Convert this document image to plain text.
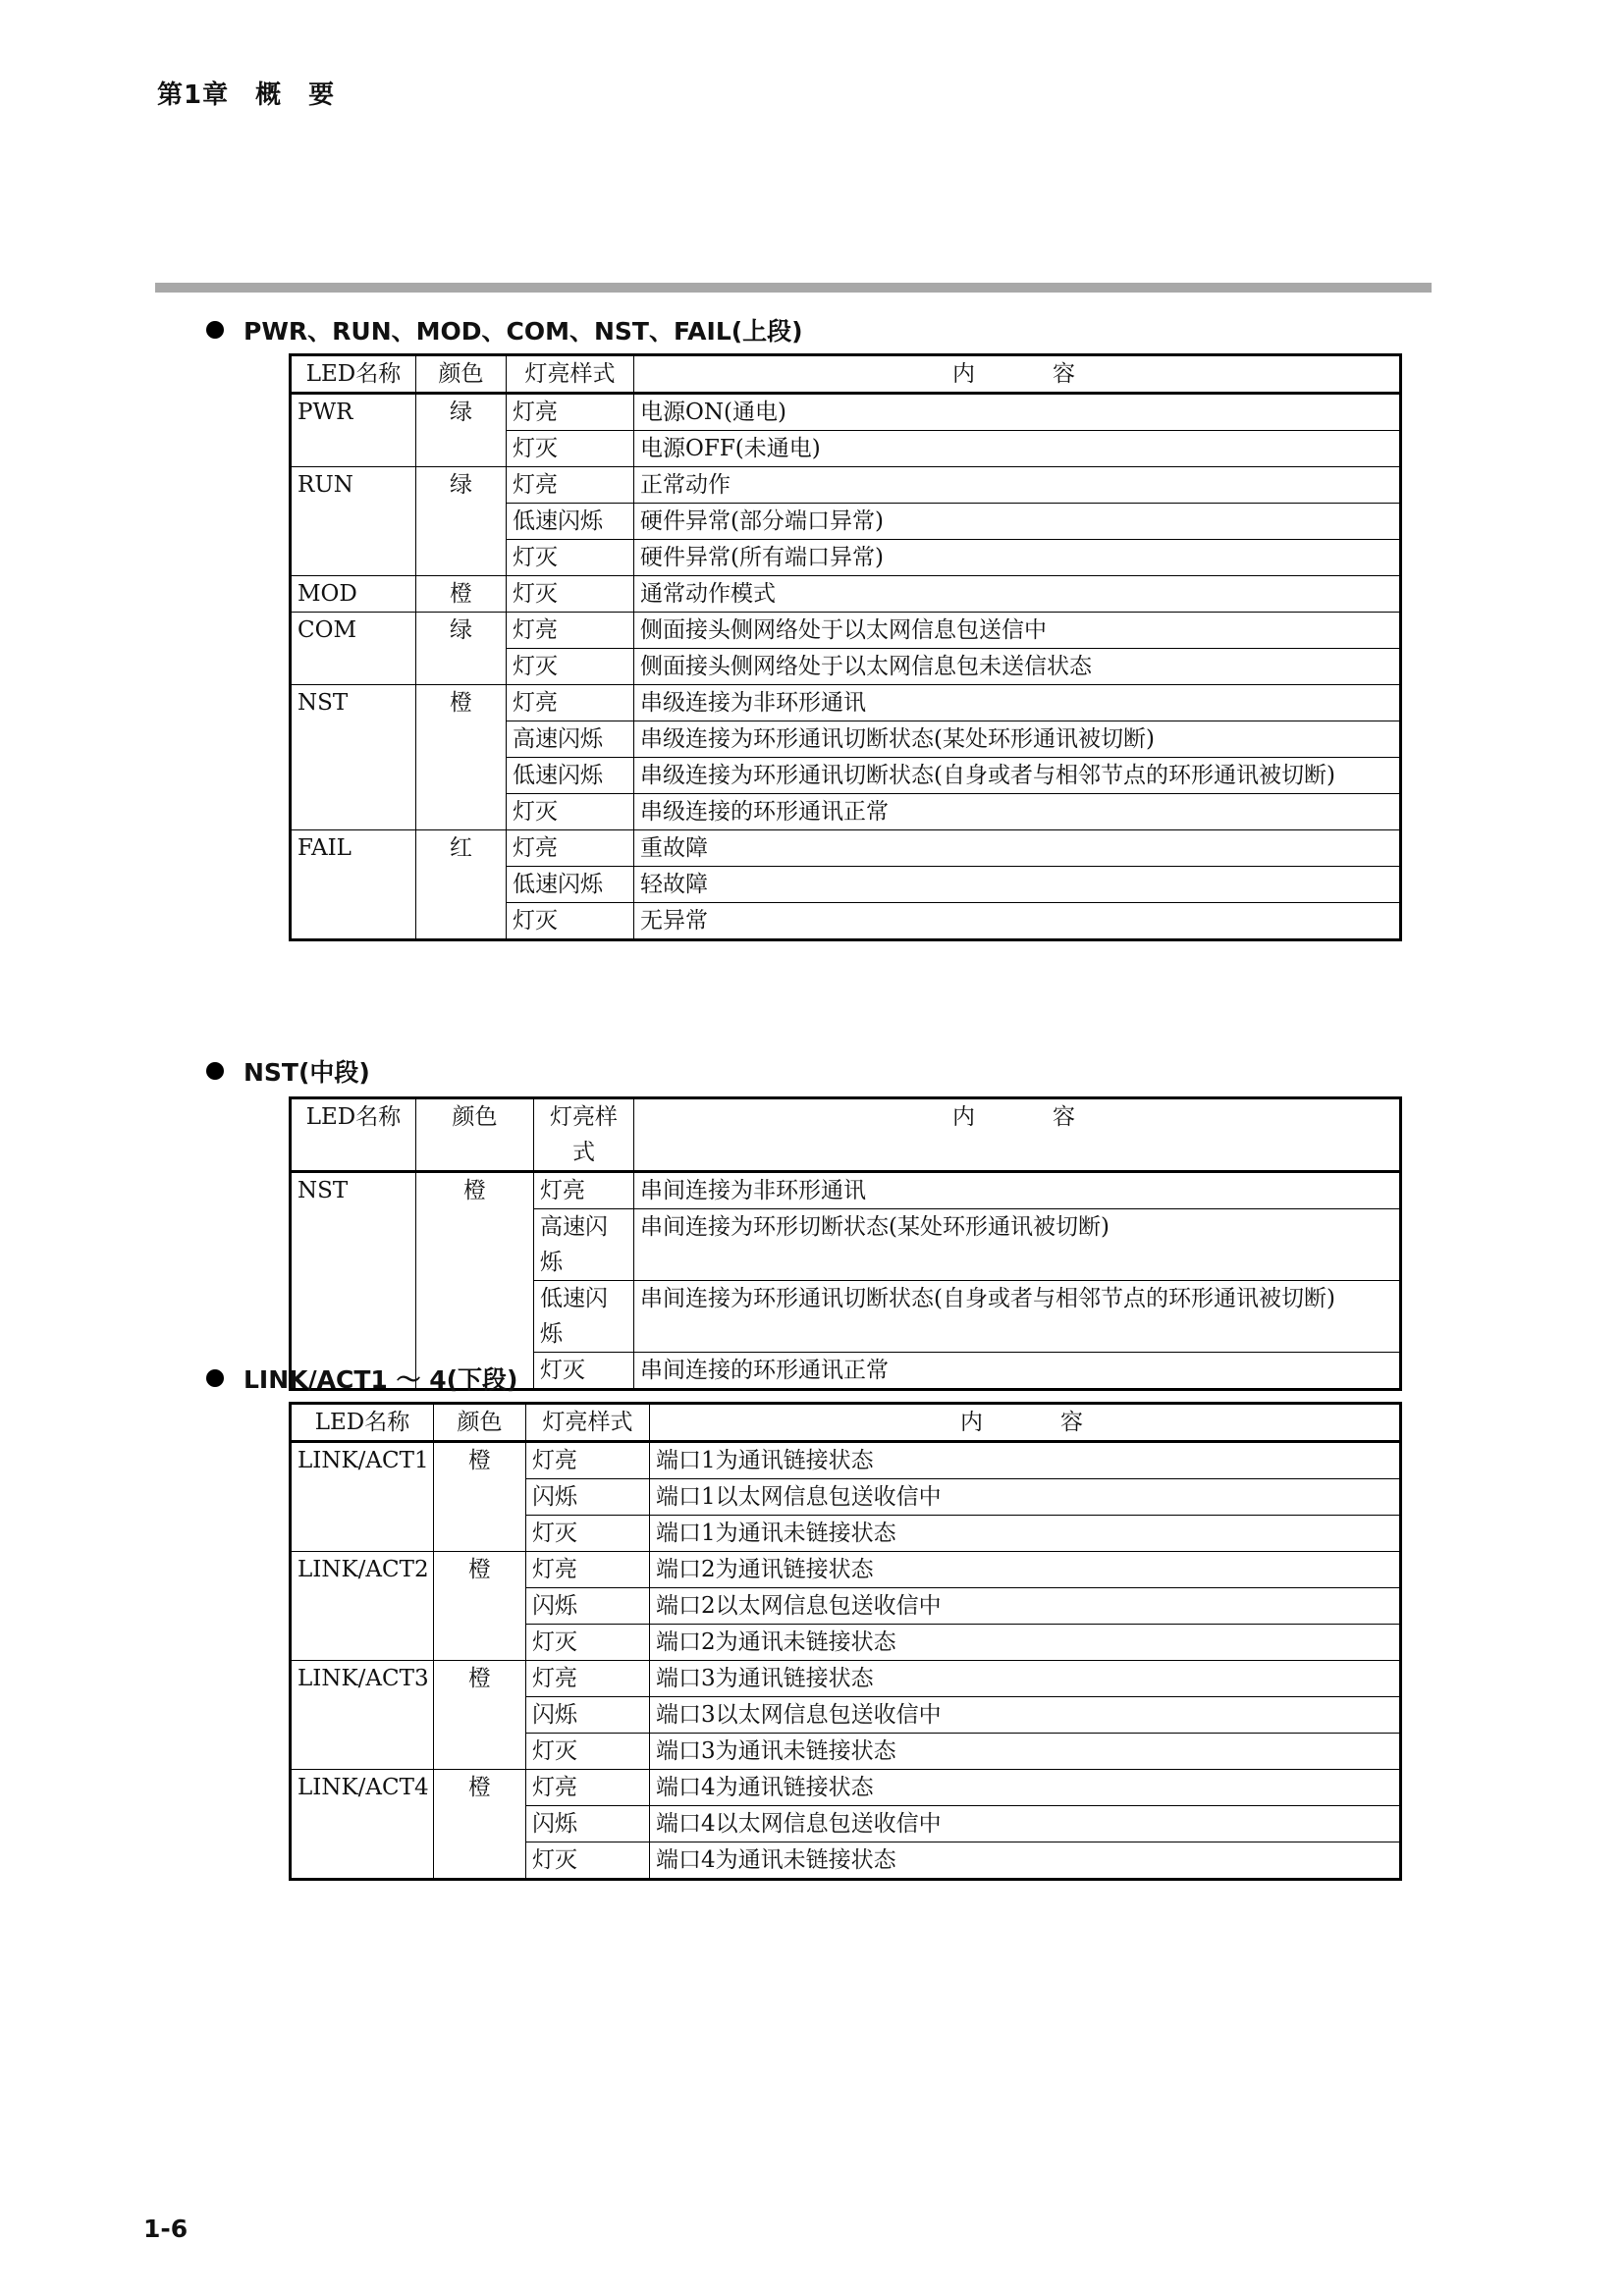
第1章　概　要
PWR、RUN、MOD、COM、NST、FAIL(上段)
LED名称	颜色	灯亮样式	内　容
PWR	绿	灯亮	电源ON(通电)
		灯灭	电源OFF(未通电)
RUN	绿	灯亮	正常动作
		低速闪烁	硬件异常(部分端口异常)
		灯灭	硬件异常(所有端口异常)
MOD	橙	灯灭	通常动作模式
COM	绿	灯亮	侧面接头侧网络处于以太网信息包送信中
		灯灭	侧面接头侧网络处于以太网信息包未送信状态
NST	橙	灯亮	串级连接为非环形通讯
		高速闪烁	串级连接为环形通讯切断状态(某处环形通讯被切断)
		低速闪烁	串级连接为环形通讯切断状态(自身或者与相邻节点的环形通讯被切断)
		灯灭	串级连接的环形通讯正常
FAIL	红	灯亮	重故障
		低速闪烁	轻故障
		灯灭	无异常
NST(中段)
LED名称	颜色	灯亮样式	内　容
NST	橙	灯亮	串间连接为非环形通讯
		高速闪烁	串间连接为环形切断状态(某处环形通讯被切断)
		低速闪烁	串间连接为环形通讯切断状态(自身或者与相邻节点的环形通讯被切断)
		灯灭	串间连接的环形通讯正常
LINK/ACT1 ～ 4(下段)
LED名称	颜色	灯亮样式	内　容
LINK/ACT1	橙	灯亮	端口1为通讯链接状态
		闪烁	端口1以太网信息包送收信中
		灯灭	端口1为通讯未链接状态
LINK/ACT2	橙	灯亮	端口2为通讯链接状态
		闪烁	端口2以太网信息包送收信中
		灯灭	端口2为通讯未链接状态
LINK/ACT3	橙	灯亮	端口3为通讯链接状态
		闪烁	端口3以太网信息包送收信中
		灯灭	端口3为通讯未链接状态
LINK/ACT4	橙	灯亮	端口4为通讯链接状态
		闪烁	端口4以太网信息包送收信中
		灯灭	端口4为通讯未链接状态
1-6
